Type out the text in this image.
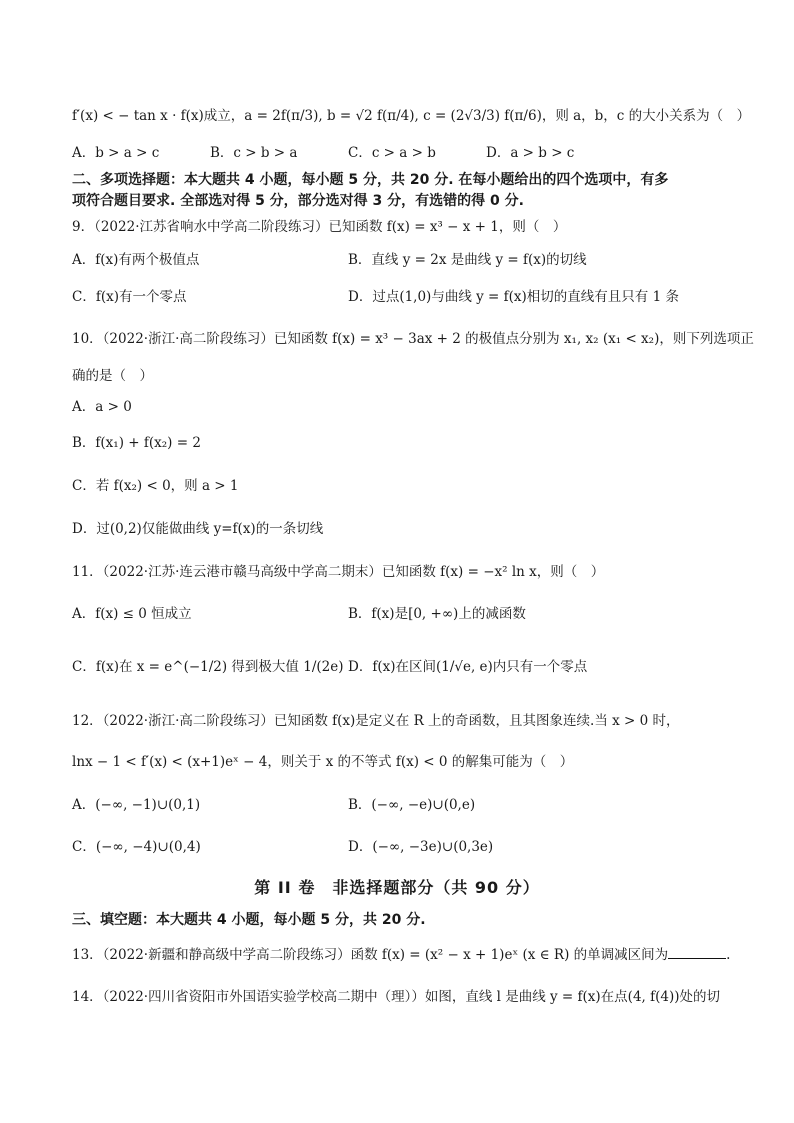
f′(x) < − tan x · f(x)成立，a = 2f(π/3), b = √2 f(π/4), c = (2√3/3) f(π/6)，则 a，b，c 的大小关系为（　）
A．b > a > c	B．c > b > a	C．c > a > b	D．a > b > c
二、多项选择题：本大题共 4 小题，每小题 5 分，共 20 分. 在每小题给出的四个选项中，有多
项符合题目要求. 全部选对得 5 分，部分选对得 3 分，有选错的得 0 分.
9．（2022·江苏省响水中学高二阶段练习）已知函数 f(x) = x³ − x + 1，则（　）
A．f(x)有两个极值点	B．直线 y = 2x 是曲线 y = f(x)的切线
C．f(x)有一个零点	D．过点(1,0)与曲线 y = f(x)相切的直线有且只有 1 条
10．（2022·浙江·高二阶段练习）已知函数 f(x) = x³ − 3ax + 2 的极值点分别为 x₁, x₂ (x₁ < x₂)，则下列选项正
确的是（　）
A．a > 0
B．f(x₁) + f(x₂) = 2
C．若 f(x₂) < 0，则 a > 1
D．过(0,2)仅能做曲线 y=f(x)的一条切线
11．（2022·江苏·连云港市赣马高级中学高二期末）已知函数 f(x) = −x² ln x，则（　）
A．f(x) ≤ 0 恒成立	B．f(x)是[0, +∞)上的减函数
C．f(x)在 x = e^(−1/2) 得到极大值 1/(2e) D．f(x)在区间(1/√e, e)内只有一个零点
12．（2022·浙江·高二阶段练习）已知函数 f(x)是定义在 R 上的奇函数，且其图象连续.当 x > 0 时，
lnx − 1 < f′(x) < (x+1)eˣ − 4，则关于 x 的不等式 f(x) < 0 的解集可能为（　）
A．(−∞, −1)∪(0,1)	B．(−∞, −e)∪(0,e)
C．(−∞, −4)∪(0,4)	D．(−∞, −3e)∪(0,3e)
第 II 卷　非选择题部分（共 90 分）
三、填空题：本大题共 4 小题，每小题 5 分，共 20 分.
13．（2022·新疆和静高级中学高二阶段练习）函数 f(x) = (x² − x + 1)eˣ (x ∈ R) 的单调减区间为	.
14．（2022·四川省资阳市外国语实验学校高二期中（理））如图，直线 l 是曲线 y = f(x)在点(4, f(4))处的切
